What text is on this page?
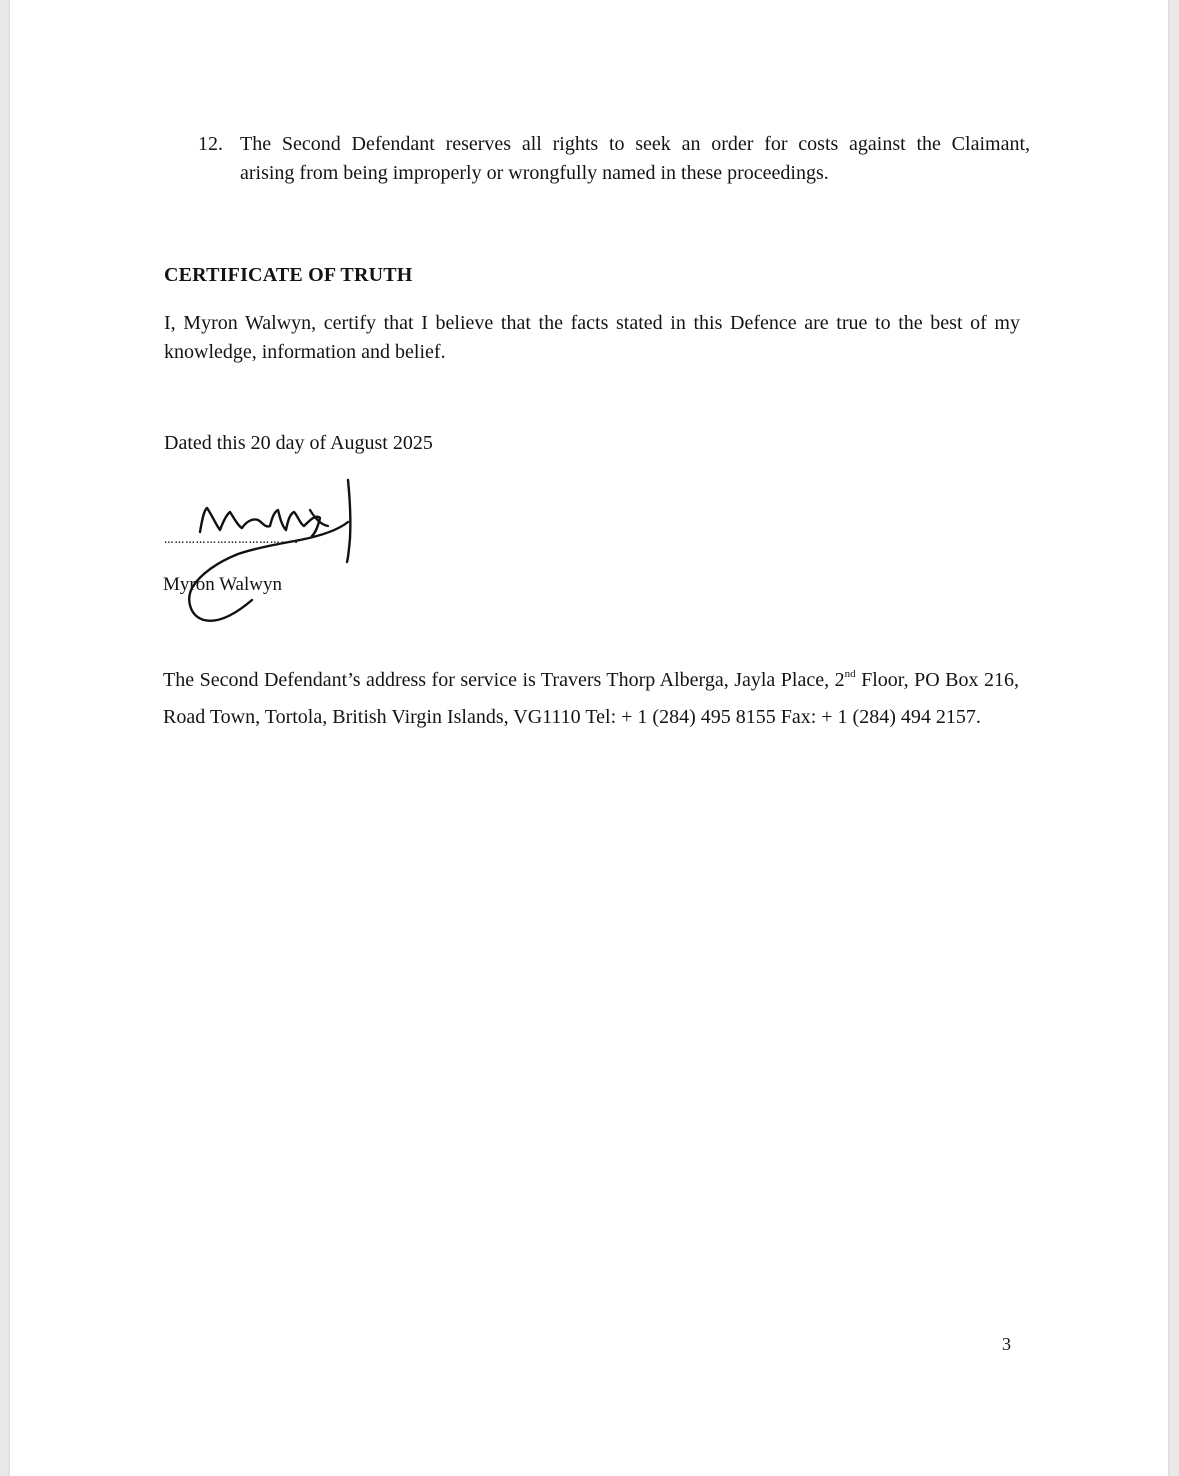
12. The Second Defendant reserves all rights to seek an order for costs against the Claimant,
arising from being improperly or wrongfully named in these proceedings.
CERTIFICATE OF TRUTH
I, Myron Walwyn, certify that I believe that the facts stated in this Defence are true to the best of my knowledge, information and belief.
Dated this 20 day of August 2025
……………………………….
Myron Walwyn
The Second Defendant’s address for service is Travers Thorp Alberga, Jayla Place, 2nd Floor, PO Box 216, Road Town, Tortola, British Virgin Islands, VG1110 Tel: + 1 (284) 495 8155 Fax: + 1 (284) 494 2157.
3
